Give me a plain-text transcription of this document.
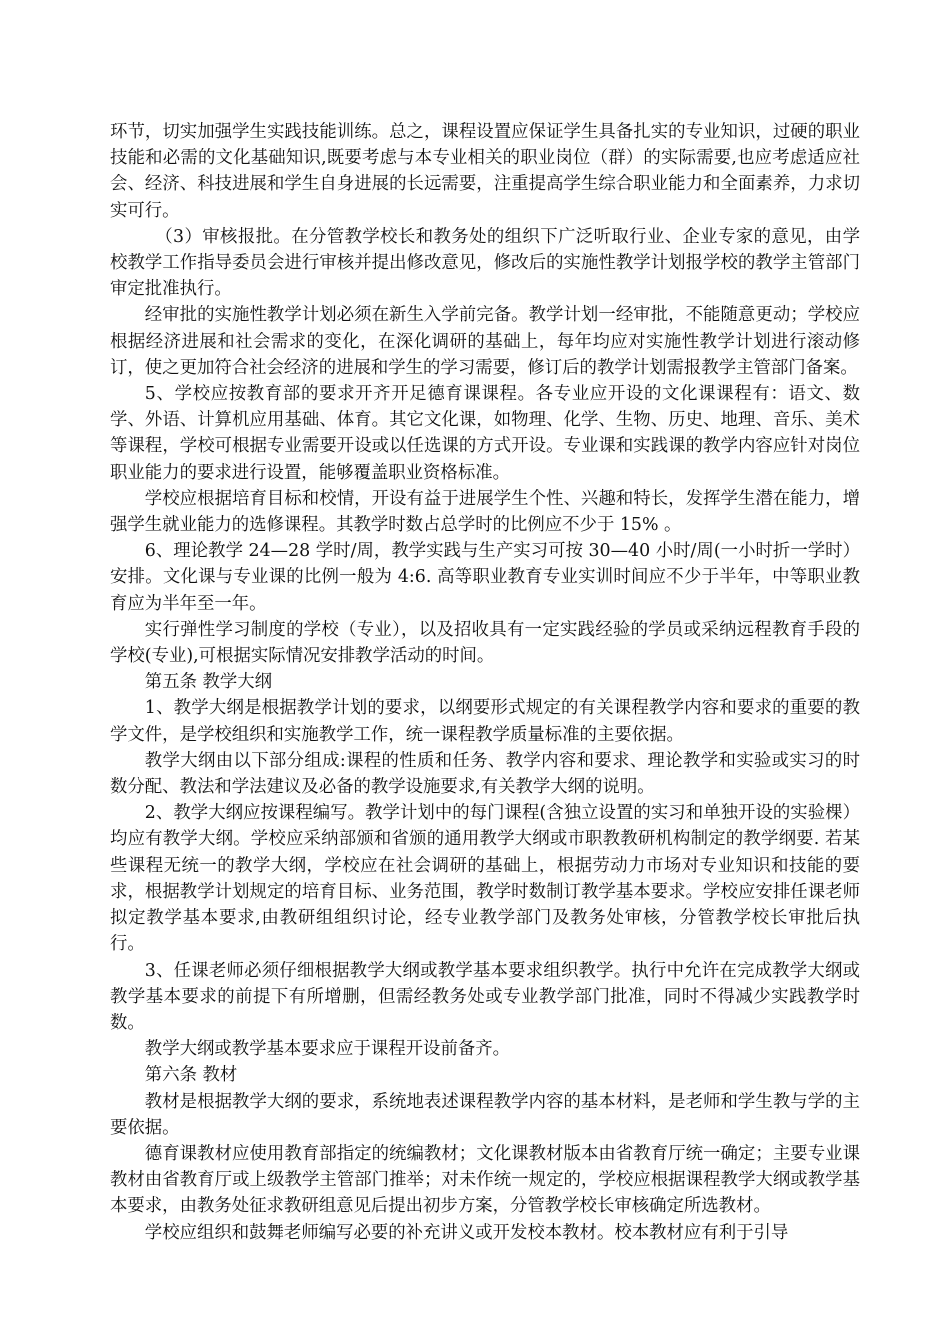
环节，切实加强学生实践技能训练。总之，课程设置应保证学生具备扎实的专业知识，过硬的职业技能和必需的文化基础知识,既要考虑与本专业相关的职业岗位（群）的实际需要,也应考虑适应社会、经济、科技进展和学生自身进展的长远需要，注重提高学生综合职业能力和全面素养，力求切实可行。

（3）审核报批。在分管教学校长和教务处的组织下广泛听取行业、企业专家的意见，由学校教学工作指导委员会进行审核并提出修改意见，修改后的实施性教学计划报学校的教学主管部门审定批准执行。

经审批的实施性教学计划必须在新生入学前完备。教学计划一经审批，不能随意更动；学校应根据经济进展和社会需求的变化，在深化调研的基础上，每年均应对实施性教学计划进行滚动修订，使之更加符合社会经济的进展和学生的学习需要，修订后的教学计划需报教学主管部门备案。

5、学校应按教育部的要求开齐开足德育课课程。各专业应开设的文化课课程有：语文、数学、外语、计算机应用基础、体育。其它文化课，如物理、化学、生物、历史、地理、音乐、美术等课程，学校可根据专业需要开设或以任选课的方式开设。专业课和实践课的教学内容应针对岗位职业能力的要求进行设置，能够覆盖职业资格标准。

学校应根据培育目标和校情，开设有益于进展学生个性、兴趣和特长，发挥学生潜在能力，增强学生就业能力的选修课程。其教学时数占总学时的比例应不少于 15% 。

6、理论教学 24—28 学时/周，教学实践与生产实习可按 30—40 小时/周(一小时折一学时）安排。文化课与专业课的比例一般为 4:6. 高等职业教育专业实训时间应不少于半年，中等职业教育应为半年至一年。

实行弹性学习制度的学校（专业），以及招收具有一定实践经验的学员或采纳远程教育手段的学校(专业),可根据实际情况安排教学活动的时间。

第五条 教学大纲

1、教学大纲是根据教学计划的要求，以纲要形式规定的有关课程教学内容和要求的重要的教学文件，是学校组织和实施教学工作，统一课程教学质量标准的主要依据。

教学大纲由以下部分组成:课程的性质和任务、教学内容和要求、理论教学和实验或实习的时数分配、教法和学法建议及必备的教学设施要求,有关教学大纲的说明。

2、教学大纲应按课程编写。教学计划中的每门课程(含独立设置的实习和单独开设的实验棵）均应有教学大纲。学校应采纳部颁和省颁的通用教学大纲或市职教教研机构制定的教学纲要. 若某些课程无统一的教学大纲，学校应在社会调研的基础上，根据劳动力市场对专业知识和技能的要求，根据教学计划规定的培育目标、业务范围，教学时数制订教学基本要求。学校应安排任课老师拟定教学基本要求,由教研组组织讨论，经专业教学部门及教务处审核，分管教学校长审批后执行。

3、任课老师必须仔细根据教学大纲或教学基本要求组织教学。执行中允许在完成教学大纲或教学基本要求的前提下有所增删，但需经教务处或专业教学部门批准，同时不得减少实践教学时数。

教学大纲或教学基本要求应于课程开设前备齐。

第六条 教材

教材是根据教学大纲的要求，系统地表述课程教学内容的基本材料，是老师和学生教与学的主要依据。

德育课教材应使用教育部指定的统编教材；文化课教材版本由省教育厅统一确定；主要专业课教材由省教育厅或上级教学主管部门推举；对未作统一规定的，学校应根据课程教学大纲或教学基本要求，由教务处征求教研组意见后提出初步方案，分管教学校长审核确定所选教材。

学校应组织和鼓舞老师编写必要的补充讲义或开发校本教材。校本教材应有利于引导
